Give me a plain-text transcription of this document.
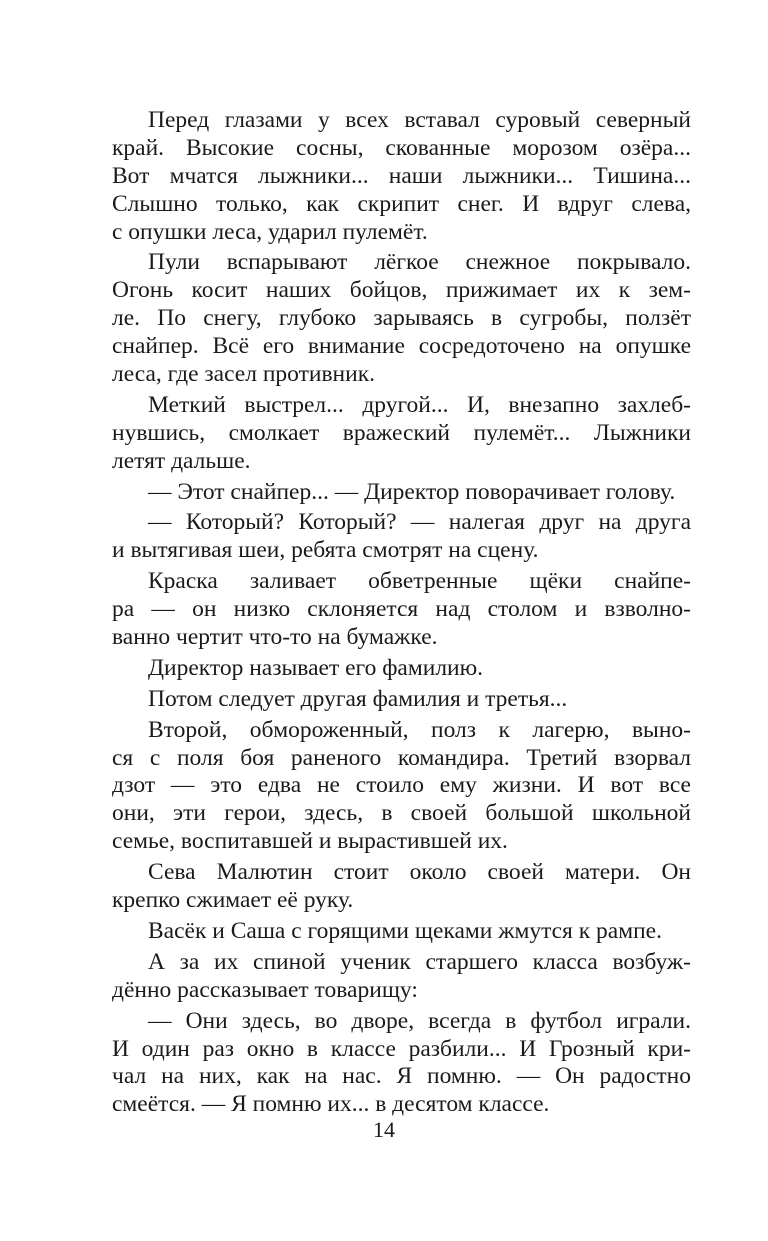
Перед глазами у всех вставал суровый северный
край. Высокие сосны, скованные морозом озёра...
Вот мчатся лыжники... наши лыжники... Тишина...
Слышно только, как скрипит снег. И вдруг слева,
с опушки леса, ударил пулемёт.
Пули вспарывают лёгкое снежное покрывало.
Огонь косит наших бойцов, прижимает их к зем-
ле. По снегу, глубоко зарываясь в сугробы, ползёт
снайпер. Всё его внимание сосредоточено на опушке
леса, где засел противник.
Меткий выстрел... другой... И, внезапно захлеб-
нувшись, смолкает вражеский пулемёт... Лыжники
летят дальше.
— Этот снайпер... — Директор поворачивает голову.
— Который? Который? — налегая друг на друга
и вытягивая шеи, ребята смотрят на сцену.
Краска заливает обветренные щёки снайпе-
ра — он низко склоняется над столом и взволно-
ванно чертит что-то на бумажке.
Директор называет его фамилию.
Потом следует другая фамилия и третья...
Второй, обмороженный, полз к лагерю, выно-
ся с поля боя раненого командира. Третий взорвал
дзот — это едва не стоило ему жизни. И вот все
они, эти герои, здесь, в своей большой школьной
семье, воспитавшей и вырастившей их.
Сева Малютин стоит около своей матери. Он
крепко сжимает её руку.
Васёк и Саша с горящими щеками жмутся к рампе.
А за их спиной ученик старшего класса возбуж-
дённо рассказывает товарищу:
— Они здесь, во дворе, всегда в футбол играли.
И один раз окно в классе разбили... И Грозный кри-
чал на них, как на нас. Я помню. — Он радостно
смеётся. — Я помню их... в десятом классе.
14
